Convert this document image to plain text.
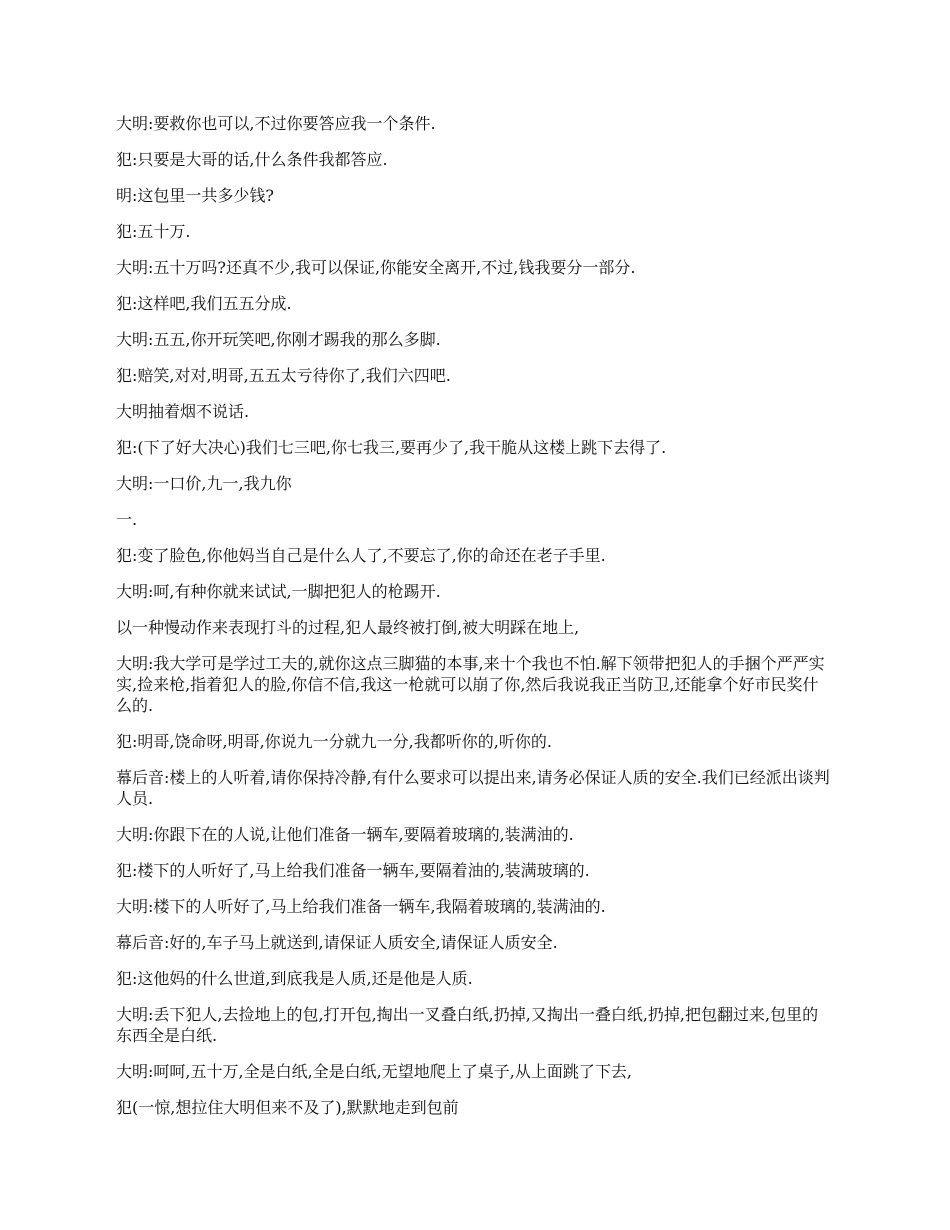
大明:要救你也可以,不过你要答应我一个条件.

犯:只要是大哥的话,什么条件我都答应.

明:这包里一共多少钱?

犯:五十万.

大明:五十万吗?还真不少,我可以保证,你能安全离开,不过,钱我要分一部分.

犯:这样吧,我们五五分成.

大明:五五,你开玩笑吧,你刚才踢我的那么多脚.

犯:赔笑,对对,明哥,五五太亏待你了,我们六四吧.

大明抽着烟不说话.

犯:(下了好大决心)我们七三吧,你七我三,要再少了,我干脆从这楼上跳下去得了.

大明:一口价,九一,我九你

一.

犯:变了脸色,你他妈当自己是什么人了,不要忘了,你的命还在老子手里.

大明:呵,有种你就来试试,一脚把犯人的枪踢开.

以一种慢动作来表现打斗的过程,犯人最终被打倒,被大明踩在地上,

大明:我大学可是学过工夫的,就你这点三脚猫的本事,来十个我也不怕.解下领带把犯人的手捆个严严实实,捡来枪,指着犯人的脸,你信不信,我这一枪就可以崩了你,然后我说我正当防卫,还能拿个好市民奖什么的.

犯:明哥,饶命呀,明哥,你说九一分就九一分,我都听你的,听你的.

幕后音:楼上的人听着,请你保持冷静,有什么要求可以提出来,请务必保证人质的安全.我们已经派出谈判人员.

大明:你跟下在的人说,让他们准备一辆车,要隔着玻璃的,装满油的.

犯:楼下的人听好了,马上给我们准备一辆车,要隔着油的,装满玻璃的.

大明:楼下的人听好了,马上给我们准备一辆车,我隔着玻璃的,装满油的.

幕后音:好的,车子马上就送到,请保证人质安全,请保证人质安全.

犯:这他妈的什么世道,到底我是人质,还是他是人质.

大明:丢下犯人,去捡地上的包,打开包,掏出一叉叠白纸,扔掉,又掏出一叠白纸,扔掉,把包翻过来,包里的东西全是白纸.

大明:呵呵,五十万,全是白纸,全是白纸,无望地爬上了桌子,从上面跳了下去,

犯(一惊,想拉住大明但来不及了),默默地走到包前
